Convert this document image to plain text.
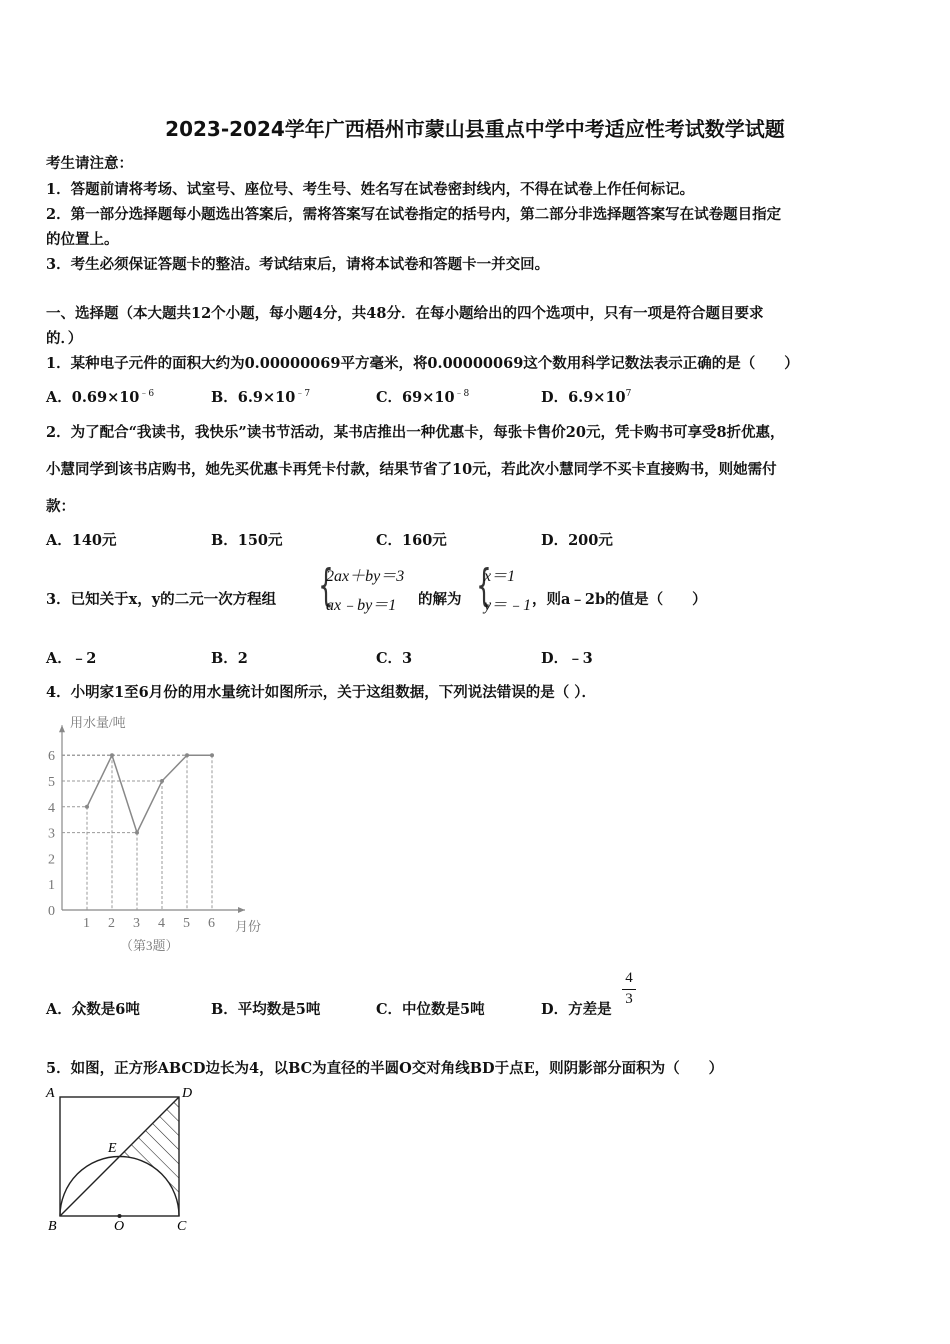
2023-2024学年广西梧州市蒙山县重点中学中考适应性考试数学试题
考生请注意：
1．答题前请将考场、试室号、座位号、考生号、姓名写在试卷密封线内，不得在试卷上作任何标记。
2．第一部分选择题每小题选出答案后，需将答案写在试卷指定的括号内，第二部分非选择题答案写在试卷题目指定
的位置上。
3．考生必须保证答题卡的整洁。考试结束后，请将本试卷和答题卡一并交回。
一、选择题（本大题共12个小题，每小题4分，共48分．在每小题给出的四个选项中，只有一项是符合题目要求
的．）
1．某种电子元件的面积大约为0.00000069平方毫米，将0.00000069这个数用科学记数法表示正确的是（　　）
A．$0.69\times 10^{﹣6}$	B．$6.9\times 10^{﹣7}$	C．$69\times 10^{﹣8}$	D．$6.9\times 10^7$
2．为了配合“我读书，我快乐”读书节活动，某书店推出一种优惠卡，每张卡售价20元，凭卡购书可享受8折优惠，
小慧同学到该书店购书，她先买优惠卡再凭卡付款，结果节省了10元，若此次小慧同学不买卡直接购书，则她需付
款：
A．140元	B．150元	C．160元	D．200元
3．已知关于x，y的二元一次方程组 {
2ax＋by＝3
ax﹣by＝1 的解为 {
x＝1
y＝﹣1 ，则a﹣2b的值是（　　）
A．﹣2	B．2	C．3	D．﹣3
4．小明家1至6月份的用水量统计如图所示，关于这组数据，下列说法错误的是（ ）．
0
1
2
3
4
5
6
1 2 3 4 5 6
用水量/吨
月份
（第3题）
A．众数是6吨	B．平均数是5吨	C．中位数是5吨	D．方差是
4
3
5．如图，正方形ABCD边长为4，以BC为直径的半圆O交对角线BD于点E，则阴影部分面积为（　　）
A	D
B	C
O
E
